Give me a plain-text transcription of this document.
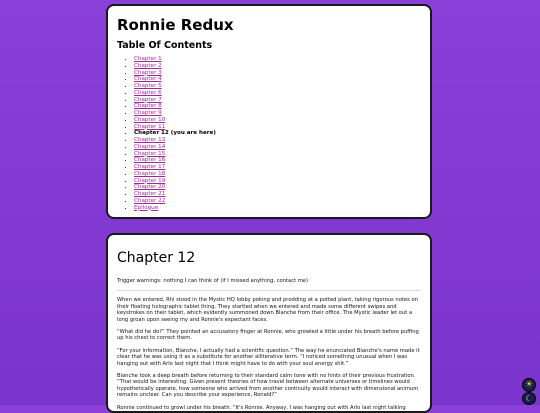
Ronnie Redux
Table Of Contents
• Chapter 1
• Chapter 2
• Chapter 3
• Chapter 4
• Chapter 5
• Chapter 6
• Chapter 7
• Chapter 8
• Chapter 9
• Chapter 10
• Chapter 11
• Chapter 12 (you are here)
• Chapter 13
• Chapter 14
• Chapter 15
• Chapter 16
• Chapter 17
• Chapter 18
• Chapter 19
• Chapter 20
• Chapter 21
• Chapter 22
• Epilogue
Chapter 12

Trigger warnings: nothing I can think of (if I missed anything, contact me)

When we entered, Rhi stood in the Mystic HQ lobby poking and prodding at a potted plant, taking rigorous notes on their floating holographic tablet thing. They startled when we entered and made some different swipes and keystrokes on their tablet, which evidently summoned down Blanche from their office. The Mystic leader let out a long groan upon seeing my and Ronnie's expectant faces.

“What did he do?” They pointed an accusatory finger at Ronnie, who growled a little under his breath before puffing up his chest to correct them.

“For your information, Blanche, I actually had a scientific question.” The way he enunciated Blanche's name made it clear that he was using it as a substitute for another alliterative term. “I noticed something unusual when I was hanging out with Arlo last night that I think might have to do with your soul energy shit.”

Blanche took a deep breath before returning to their standard calm tone with no hints of their previous frustration. “That would be interesting. Given present theories of how travel between alternate universes or timelines would hypothetically operate, how someone who arrived from another continuity would interact with dimensional animum remains unclear. Can you describe your experience, Ronald?”

Ronnie continued to growl under his breath. “It's Ronnie. Anyway, I was hanging out with Arlo last night talking

☀
☾
